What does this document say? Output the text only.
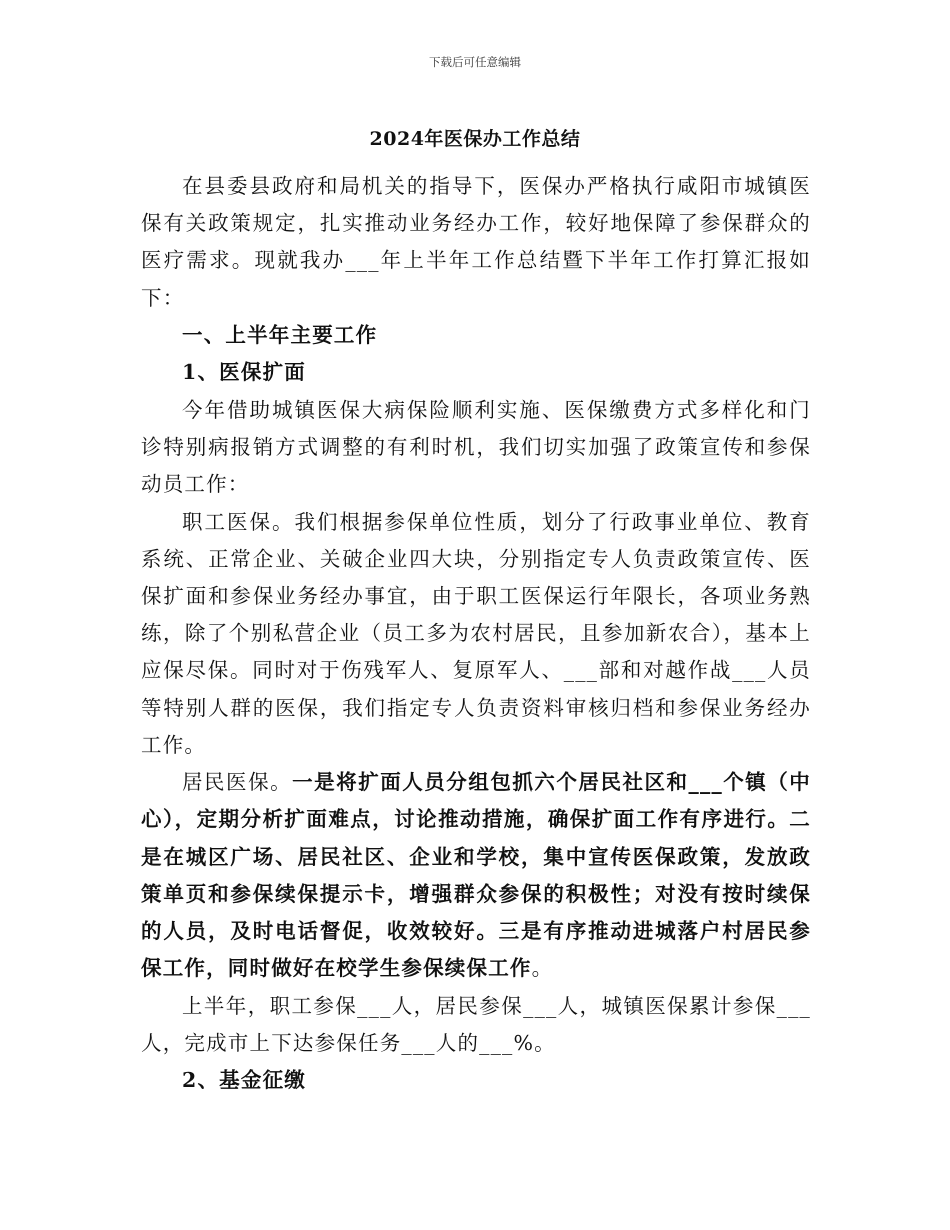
下载后可任意编辑
2024年医保办工作总结

在县委县政府和局机关的指导下，医保办严格执行咸阳市城镇医保有关政策规定，扎实推动业务经办工作，较好地保障了参保群众的医疗需求。现就我办___年上半年工作总结暨下半年工作打算汇报如下：

一、上半年主要工作

1、医保扩面

今年借助城镇医保大病保险顺利实施、医保缴费方式多样化和门诊特别病报销方式调整的有利时机，我们切实加强了政策宣传和参保动员工作：

职工医保。我们根据参保单位性质，划分了行政事业单位、教育系统、正常企业、关破企业四大块，分别指定专人负责政策宣传、医保扩面和参保业务经办事宜，由于职工医保运行年限长，各项业务熟练，除了个别私营企业（员工多为农村居民，且参加新农合），基本上应保尽保。同时对于伤残军人、复原军人、___部和对越作战___人员等特别人群的医保，我们指定专人负责资料审核归档和参保业务经办工作。

居民医保。一是将扩面人员分组包抓六个居民社区和___个镇（中心），定期分析扩面难点，讨论推动措施，确保扩面工作有序进行。二是在城区广场、居民社区、企业和学校，集中宣传医保政策，发放政策单页和参保续保提示卡，增强群众参保的积极性；对没有按时续保的人员，及时电话督促，收效较好。三是有序推动进城落户村居民参保工作，同时做好在校学生参保续保工作。

上半年，职工参保___人，居民参保___人，城镇医保累计参保___人，完成市上下达参保任务___人的___%。

2、基金征缴
